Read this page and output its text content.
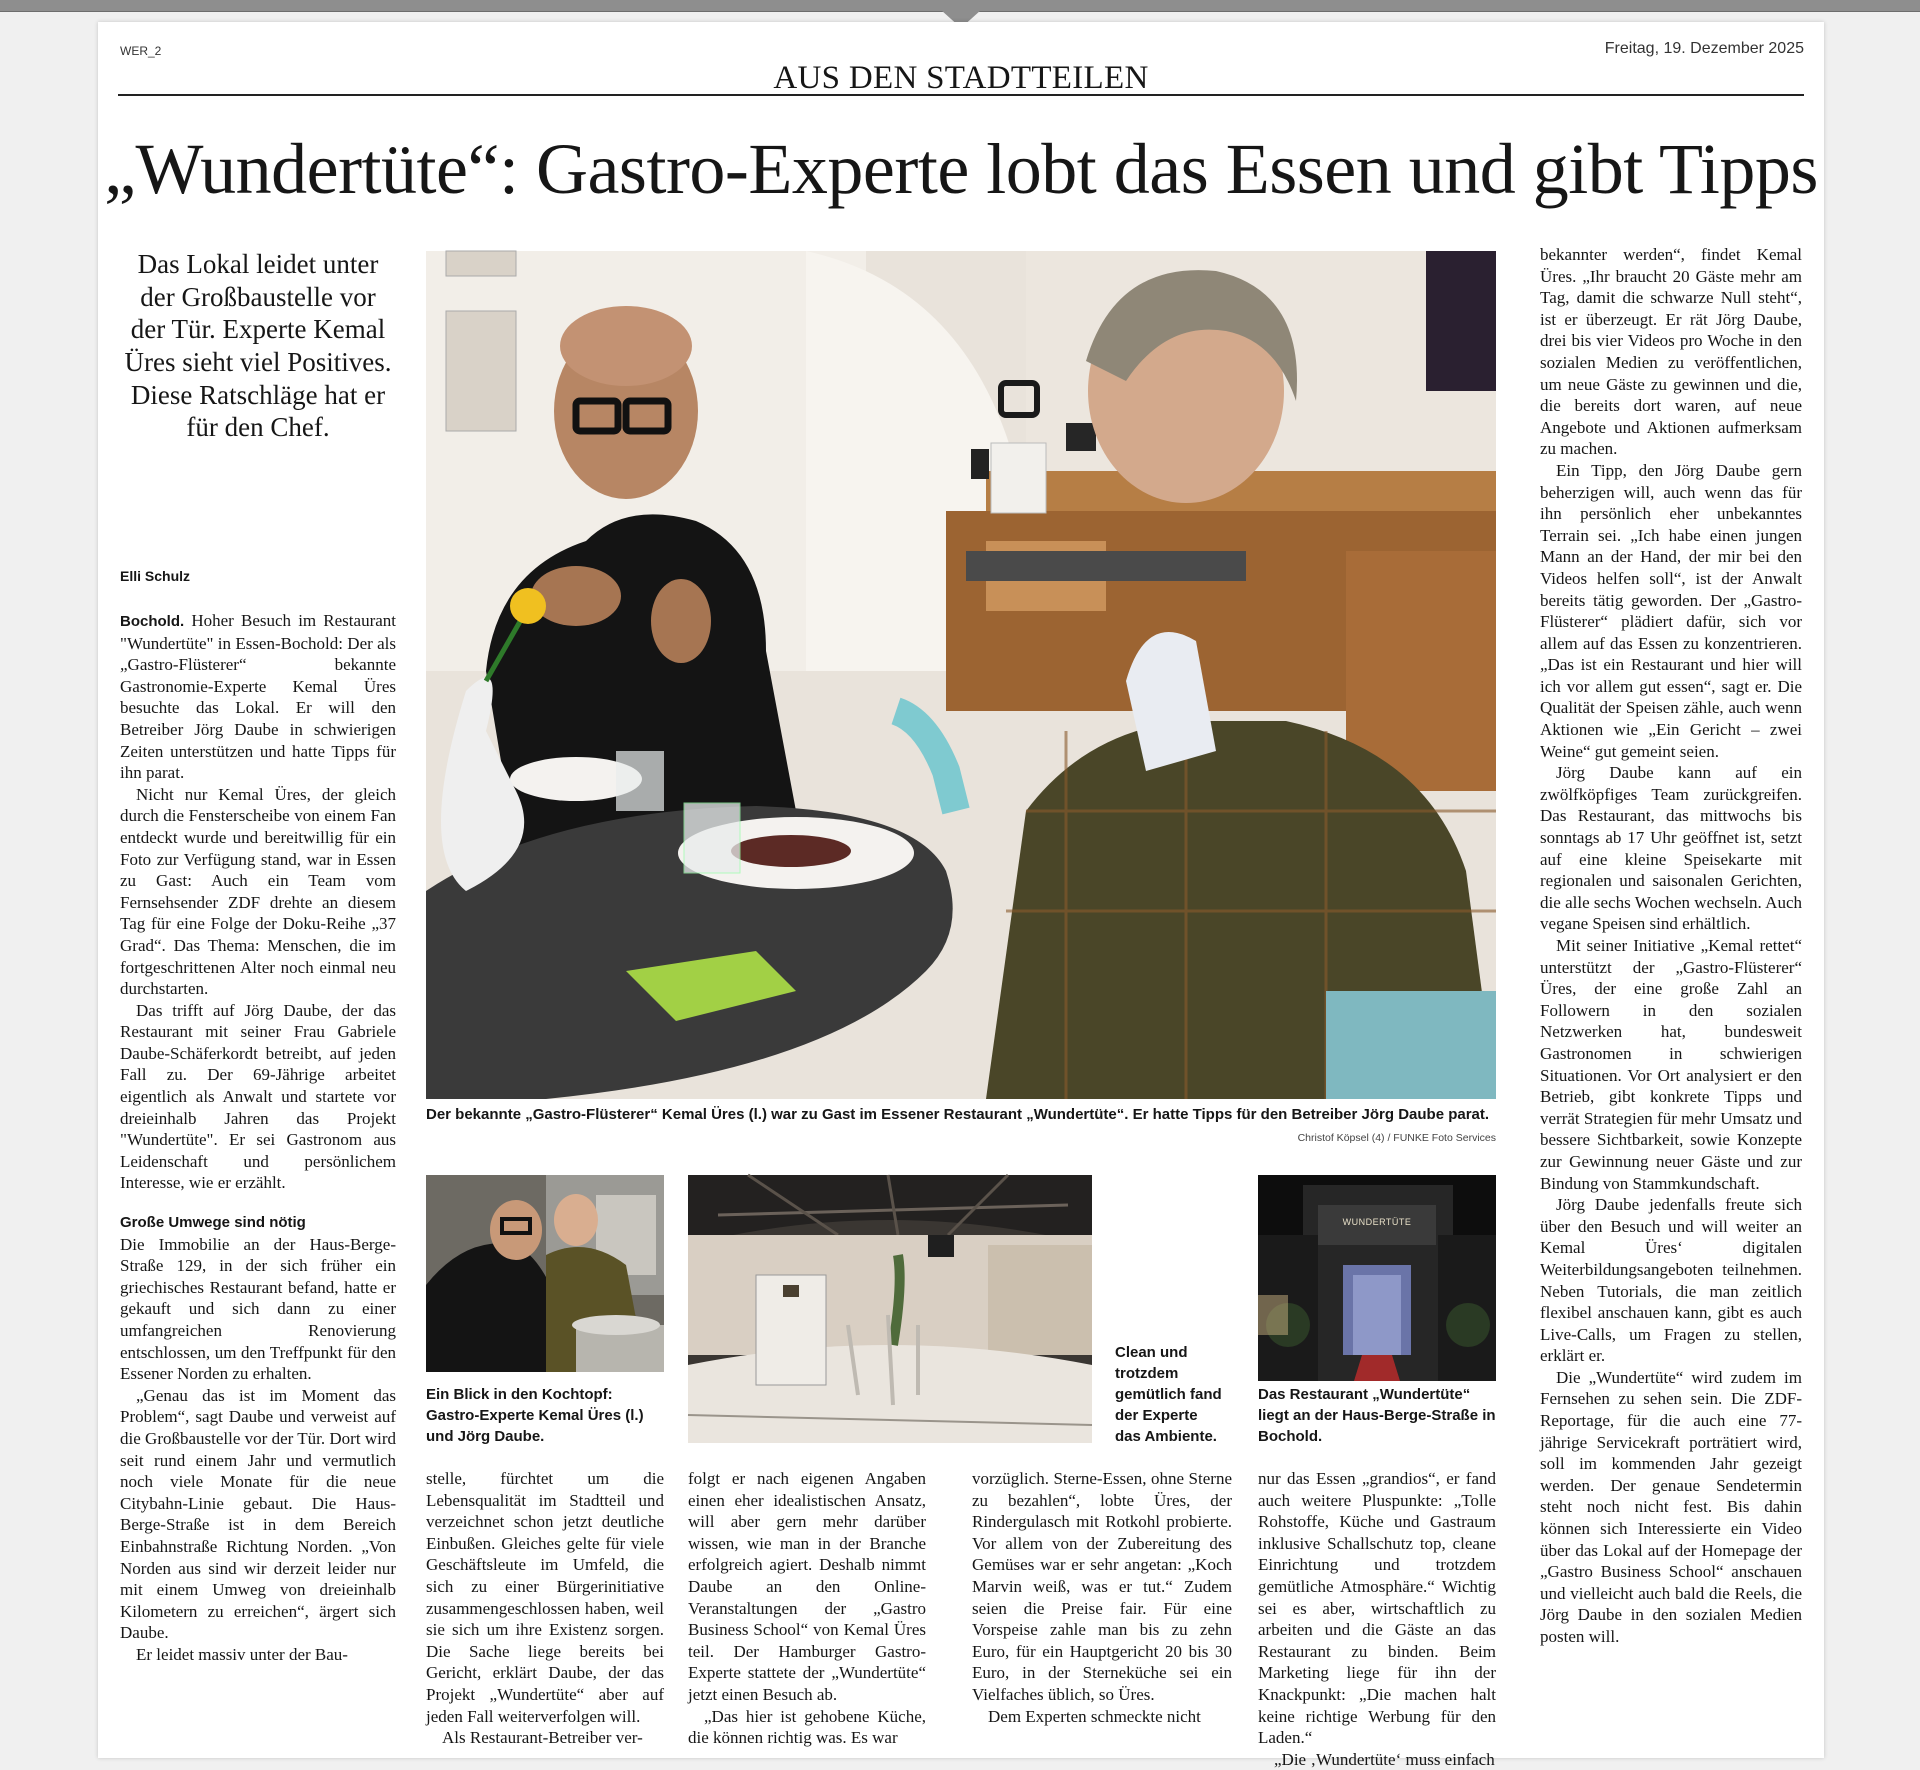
WER_2	Freitag, 19. Dezember 2025
AUS DEN STADTTEILEN
„Wundertüte“: Gastro-Experte lobt das Essen und gibt Tipps
Das Lokal leidet unter der Großbaustelle vor der Tür. Experte Kemal Üres sieht viel Positives. Diese Ratschläge hat er für den Chef.
Elli Schulz

Bochold. Hoher Besuch im Restaurant "Wundertüte" in Essen-Bochold: Der als „Gastro-Flüsterer“ bekannte Gastronomie-Experte Kemal Üres besuchte das Lokal. Er will den Betreiber Jörg Daube in schwierigen Zeiten unterstützen und hatte Tipps für ihn parat.

Nicht nur Kemal Üres, der gleich durch die Fensterscheibe von einem Fan entdeckt wurde und bereitwillig für ein Foto zur Verfügung stand, war in Essen zu Gast: Auch ein Team vom Fernsehsender ZDF drehte an diesem Tag für eine Folge der Doku-Reihe „37 Grad“. Das Thema: Menschen, die im fortgeschrittenen Alter noch einmal neu durchstarten.

Das trifft auf Jörg Daube, der das Restaurant mit seiner Frau Gabriele Daube-Schäferkordt betreibt, auf jeden Fall zu. Der 69-Jährige arbeitet eigentlich als Anwalt und startete vor dreieinhalb Jahren das Projekt "Wundertüte". Er sei Gastronom aus Leidenschaft und persönlichem Interesse, wie er erzählt.

Große Umwege sind nötig

Die Immobilie an der Haus-Berge-Straße 129, in der sich früher ein griechisches Restaurant befand, hatte er gekauft und sich dann zu einer umfangreichen Renovierung entschlossen, um den Treffpunkt für den Essener Norden zu erhalten.

„Genau das ist im Moment das Problem“, sagt Daube und verweist auf die Großbaustelle vor der Tür. Dort wird seit rund einem Jahr und vermutlich noch viele Monate für die neue Citybahn-Linie gebaut. Die Haus-Berge-Straße ist in dem Bereich Einbahnstraße Richtung Norden. „Von Norden aus sind wir derzeit leider nur mit einem Umweg von dreieinhalb Kilometern zu erreichen“, ärgert sich Daube.

Er leidet massiv unter der Bau-

Der bekannte „Gastro-Flüsterer“ Kemal Üres (l.) war zu Gast im Essener Restaurant „Wundertüte“. Er hatte Tipps für den Betreiber Jörg Daube parat.
Christof Köpsel (4) / FUNKE Foto Services
Ein Blick in den Kochtopf: Gastro-Experte Kemal Üres (l.) und Jörg Daube.
Clean und trotzdem gemütlich fand der Experte das Ambiente.
WUNDERTÜTE
Das Restaurant „Wundertüte“ liegt an der Haus-Berge-Straße in Bochold.

stelle, fürchtet um die Lebensqualität im Stadtteil und verzeichnet schon jetzt deutliche Einbußen. Gleiches gelte für viele Geschäftsleute im Umfeld, die sich zu einer Bürgerinitiative zusammengeschlossen haben, weil sie sich um ihre Existenz sorgen. Die Sache liege bereits bei Gericht, erklärt Daube, der das Projekt „Wundertüte“ aber auf jeden Fall weiterverfolgen will.

Als Restaurant-Betreiber ver-

folgt er nach eigenen Angaben einen eher idealistischen Ansatz, will aber gern mehr darüber wissen, wie man in der Branche erfolgreich agiert. Deshalb nimmt Daube an den Online-Veranstaltungen der „Gastro Business School“ von Kemal Üres teil. Der Hamburger Gastro-Experte stattete der „Wundertüte“ jetzt einen Besuch ab.

„Das hier ist gehobene Küche, die können richtig was. Es war

vorzüglich. Sterne-Essen, ohne Sterne zu bezahlen“, lobte Üres, der Rindergulasch mit Rotkohl probierte. Vor allem von der Zubereitung des Gemüses war er sehr angetan: „Koch Marvin weiß, was er tut.“ Zudem seien die Preise fair. Für eine Vorspeise zahle man bis zu zehn Euro, für ein Hauptgericht 20 bis 30 Euro, in der Sterneküche sei ein Vielfaches üblich, so Üres.

Dem Experten schmeckte nicht

nur das Essen „grandios“, er fand auch weitere Pluspunkte: „Tolle Rohstoffe, Küche und Gastraum inklusive Schallschutz top, cleane Einrichtung und trotzdem gemütliche Atmosphäre.“ Wichtig sei es aber, wirtschaftlich zu arbeiten und die Gäste an das Restaurant zu binden. Beim Marketing liege für ihn der Knackpunkt: „Die machen halt keine richtige Werbung für den Laden.“

„Die ‚Wundertüte‘ muss einfach

bekannter werden“, findet Kemal Üres. „Ihr braucht 20 Gäste mehr am Tag, damit die schwarze Null steht“, ist er überzeugt. Er rät Jörg Daube, drei bis vier Videos pro Woche in den sozialen Medien zu veröffentlichen, um neue Gäste zu gewinnen und die, die bereits dort waren, auf neue Angebote und Aktionen aufmerksam zu machen.

Ein Tipp, den Jörg Daube gern beherzigen will, auch wenn das für ihn persönlich eher unbekanntes Terrain sei. „Ich habe einen jungen Mann an der Hand, der mir bei den Videos helfen soll“, ist der Anwalt bereits tätig geworden. Der „Gastro-Flüsterer“ plädiert dafür, sich vor allem auf das Essen zu konzentrieren. „Das ist ein Restaurant und hier will ich vor allem gut essen“, sagt er. Die Qualität der Speisen zähle, auch wenn Aktionen wie „Ein Gericht – zwei Weine“ gut gemeint seien.

Jörg Daube kann auf ein zwölfköpfiges Team zurückgreifen. Das Restaurant, das mittwochs bis sonntags ab 17 Uhr geöffnet ist, setzt auf eine kleine Speisekarte mit regionalen und saisonalen Gerichten, die alle sechs Wochen wechseln. Auch vegane Speisen sind erhältlich.

Mit seiner Initiative „Kemal rettet“ unterstützt der „Gastro-Flüsterer“ Üres, der eine große Zahl an Followern in den sozialen Netzwerken hat, bundesweit Gastronomen in schwierigen Situationen. Vor Ort analysiert er den Betrieb, gibt konkrete Tipps und verrät Strategien für mehr Umsatz und bessere Sichtbarkeit, sowie Konzepte zur Gewinnung neuer Gäste und zur Bindung von Stammkundschaft.

Jörg Daube jedenfalls freute sich über den Besuch und will weiter an Kemal Üres‘ digitalen Weiterbildungsangeboten teilnehmen. Neben Tutorials, die man zeitlich flexibel anschauen kann, gibt es auch Live-Calls, um Fragen zu stellen, erklärt er.

Die „Wundertüte“ wird zudem im Fernsehen zu sehen sein. Die ZDF-Reportage, für die auch eine 77-jährige Servicekraft porträtiert wird, soll im kommenden Jahr gezeigt werden. Der genaue Sendetermin steht noch nicht fest. Bis dahin können sich Interessierte ein Video über das Lokal auf der Homepage der „Gastro Business School“ anschauen und vielleicht auch bald die Reels, die Jörg Daube in den sozialen Medien posten will.
